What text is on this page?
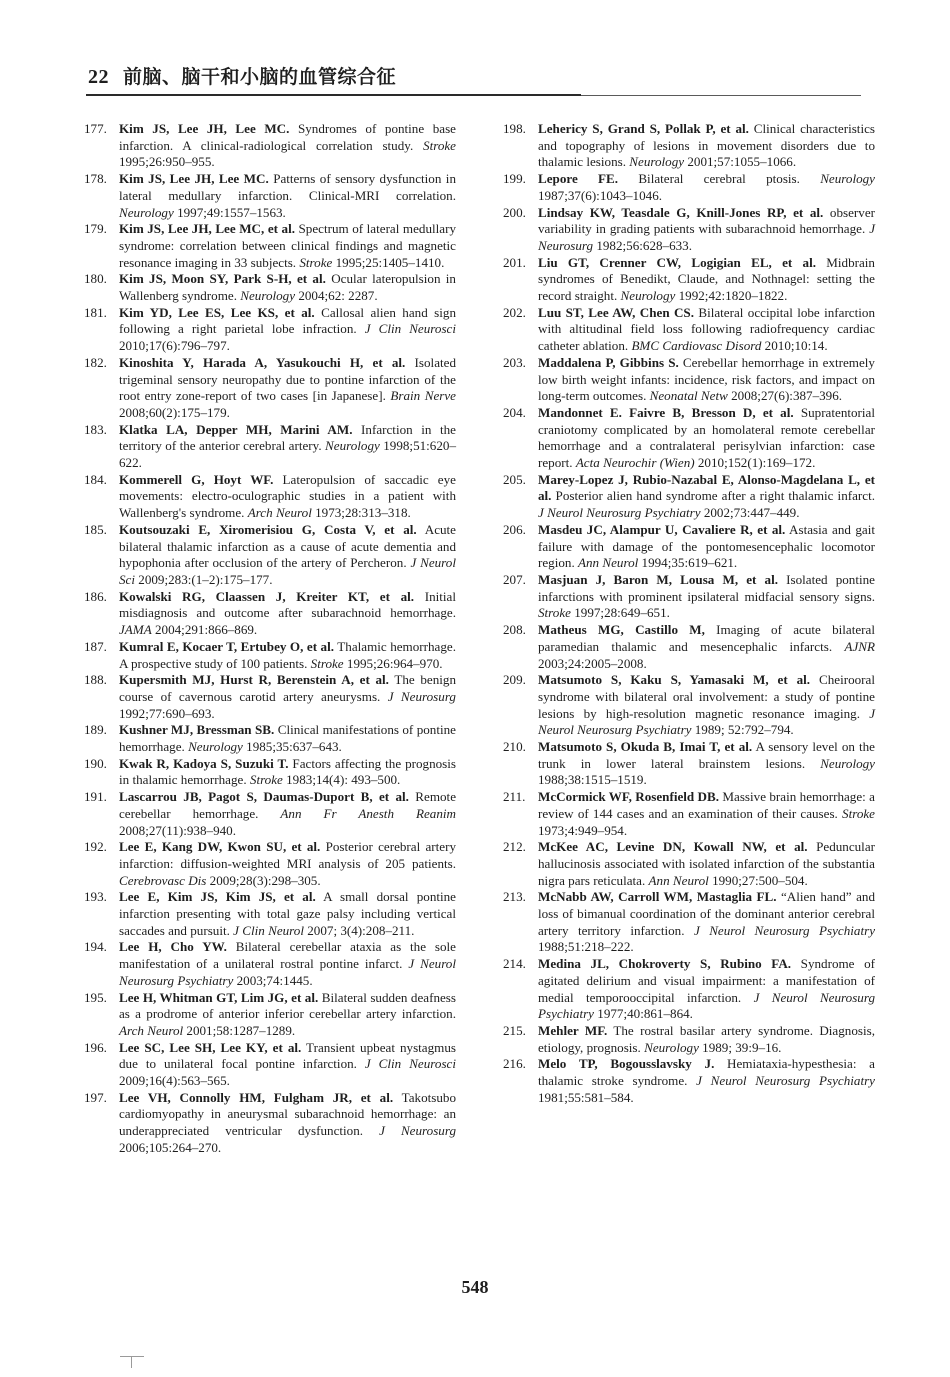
22 前脑、脑干和小脑的血管综合征
177. Kim JS, Lee JH, Lee MC. Syndromes of pontine base infarction. A clinical-radiological correlation study. Stroke 1995;26:950–955.
178. Kim JS, Lee JH, Lee MC. Patterns of sensory dysfunction in lateral medullary infarction. Clinical-MRI correlation. Neurology 1997;49:1557–1563.
179. Kim JS, Lee JH, Lee MC, et al. Spectrum of lateral medullary syndrome: correlation between clinical findings and magnetic resonance imaging in 33 subjects. Stroke 1995;25:1405–1410.
180. Kim JS, Moon SY, Park S-H, et al. Ocular lateropulsion in Wallenberg syndrome. Neurology 2004;62: 2287.
181. Kim YD, Lee ES, Lee KS, et al. Callosal alien hand sign following a right parietal lobe infraction. J Clin Neurosci 2010;17(6):796–797.
182. Kinoshita Y, Harada A, Yasukouchi H, et al. Isolated trigeminal sensory neuropathy due to pontine infarction of the root entry zone-report of two cases [in Japanese]. Brain Nerve 2008;60(2):175–179.
183. Klatka LA, Depper MH, Marini AM. Infarction in the territory of the anterior cerebral artery. Neurology 1998;51:620–622.
184. Kommerell G, Hoyt WF. Lateropulsion of saccadic eye movements: electro-oculographic studies in a patient with Wallenberg's syndrome. Arch Neurol 1973;28:313–318.
185. Koutsouzaki E, Xiromerisiou G, Costa V, et al. Acute bilateral thalamic infarction as a cause of acute dementia and hypophonia after occlusion of the artery of Percheron. J Neurol Sci 2009;283:(1–2):175–177.
186. Kowalski RG, Claassen J, Kreiter KT, et al. Initial misdiagnosis and outcome after subarachnoid hemorrhage. JAMA 2004;291:866–869.
187. Kumral E, Kocaer T, Ertubey O, et al. Thalamic hemorrhage. A prospective study of 100 patients. Stroke 1995;26:964–970.
188. Kupersmith MJ, Hurst R, Berenstein A, et al. The benign course of cavernous carotid artery aneurysms. J Neurosurg 1992;77:690–693.
189. Kushner MJ, Bressman SB. Clinical manifestations of pontine hemorrhage. Neurology 1985;35:637–643.
190. Kwak R, Kadoya S, Suzuki T. Factors affecting the prognosis in thalamic hemorrhage. Stroke 1983;14(4): 493–500.
191. Lascarrou JB, Pagot S, Daumas-Duport B, et al. Remote cerebellar hemorrhage. Ann Fr Anesth Reanim 2008;27(11):938–940.
192. Lee E, Kang DW, Kwon SU, et al. Posterior cerebral artery infarction: diffusion-weighted MRI analysis of 205 patients. Cerebrovasc Dis 2009;28(3):298–305.
193. Lee E, Kim JS, Kim JS, et al. A small dorsal pontine infarction presenting with total gaze palsy including vertical saccades and pursuit. J Clin Neurol 2007; 3(4):208–211.
194. Lee H, Cho YW. Bilateral cerebellar ataxia as the sole manifestation of a unilateral rostral pontine infarct. J Neurol Neurosurg Psychiatry 2003;74:1445.
195. Lee H, Whitman GT, Lim JG, et al. Bilateral sudden deafness as a prodrome of anterior inferior cerebellar artery infarction. Arch Neurol 2001;58:1287–1289.
196. Lee SC, Lee SH, Lee KY, et al. Transient upbeat nystagmus due to unilateral focal pontine infarction. J Clin Neurosci 2009;16(4):563–565.
197. Lee VH, Connolly HM, Fulgham JR, et al. Takotsubo cardiomyopathy in aneurysmal subarachnoid hemorrhage: an underappreciated ventricular dysfunction. J Neurosurg 2006;105:264–270.
198. Lehericy S, Grand S, Pollak P, et al. Clinical characteristics and topography of lesions in movement disorders due to thalamic lesions. Neurology 2001;57:1055–1066.
199. Lepore FE. Bilateral cerebral ptosis. Neurology 1987;37(6):1043–1046.
200. Lindsay KW, Teasdale G, Knill-Jones RP, et al. observer variability in grading patients with subarachnoid hemorrhage. J Neurosurg 1982;56:628–633.
201. Liu GT, Crenner CW, Logigian EL, et al. Midbrain syndromes of Benedikt, Claude, and Nothnagel: setting the record straight. Neurology 1992;42:1820–1822.
202. Luu ST, Lee AW, Chen CS. Bilateral occipital lobe infarction with altitudinal field loss following radiofrequency cardiac catheter ablation. BMC Cardiovasc Disord 2010;10:14.
203. Maddalena P, Gibbins S. Cerebellar hemorrhage in extremely low birth weight infants: incidence, risk factors, and impact on long-term outcomes. Neonatal Netw 2008;27(6):387–396.
204. Mandonnet E. Faivre B, Bresson D, et al. Supratentorial craniotomy complicated by an homolateral remote cerebellar hemorrhage and a contralateral perisylvian infarction: case report. Acta Neurochir (Wien) 2010;152(1):169–172.
205. Marey-Lopez J, Rubio-Nazabal E, Alonso-Magdelana L, et al. Posterior alien hand syndrome after a right thalamic infarct. J Neurol Neurosurg Psychiatry 2002;73:447–449.
206. Masdeu JC, Alampur U, Cavaliere R, et al. Astasia and gait failure with damage of the pontomesencephalic locomotor region. Ann Neurol 1994;35:619–621.
207. Masjuan J, Baron M, Lousa M, et al. Isolated pontine infarctions with prominent ipsilateral midfacial sensory signs. Stroke 1997;28:649–651.
208. Matheus MG, Castillo M, Imaging of acute bilateral paramedian thalamic and mesencephalic infarcts. AJNR 2003;24:2005–2008.
209. Matsumoto S, Kaku S, Yamasaki M, et al. Cheirooral syndrome with bilateral oral involvement: a study of pontine lesions by high-resolution magnetic resonance imaging. J Neurol Neurosurg Psychiatry 1989; 52:792–794.
210. Matsumoto S, Okuda B, Imai T, et al. A sensory level on the trunk in lower lateral brainstem lesions. Neurology 1988;38:1515–1519.
211. McCormick WF, Rosenfield DB. Massive brain hemorrhage: a review of 144 cases and an examination of their causes. Stroke 1973;4:949–954.
212. McKee AC, Levine DN, Kowall NW, et al. Peduncular hallucinosis associated with isolated infarction of the substantia nigra pars reticulata. Ann Neurol 1990;27:500–504.
213. McNabb AW, Carroll WM, Mastaglia FL. “Alien hand” and loss of bimanual coordination of the dominant anterior cerebral artery territory infarction. J Neurol Neurosurg Psychiatry 1988;51:218–222.
214. Medina JL, Chokroverty S, Rubino FA. Syndrome of agitated delirium and visual impairment: a manifestation of medial temporooccipital infarction. J Neurol Neurosurg Psychiatry 1977;40:861–864.
215. Mehler MF. The rostral basilar artery syndrome. Diagnosis, etiology, prognosis. Neurology 1989; 39:9–16.
216. Melo TP, Bogousslavsky J. Hemiataxia-hypesthesia: a thalamic stroke syndrome. J Neurol Neurosurg Psychiatry 1981;55:581–584.
548
